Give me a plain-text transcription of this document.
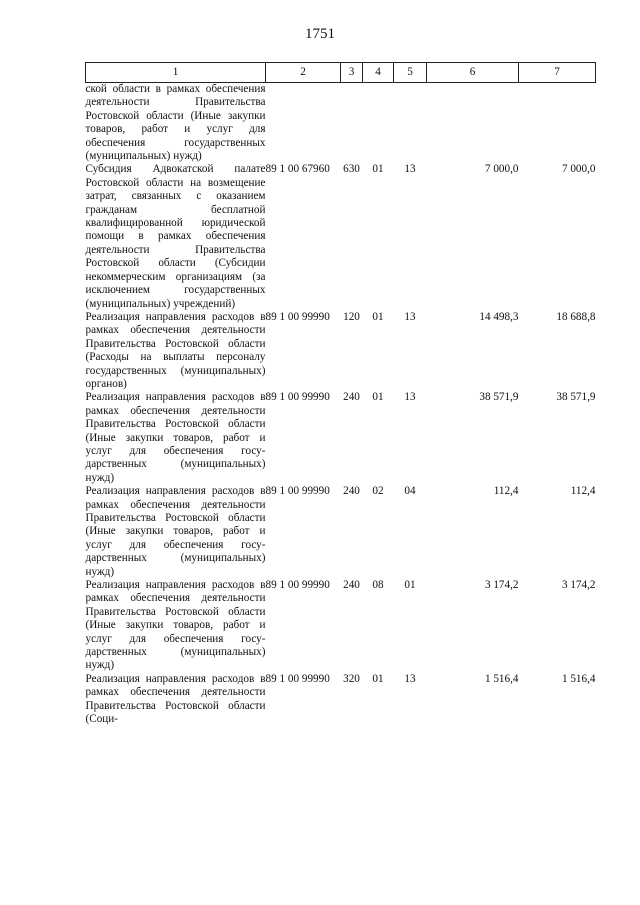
1751
1	2	3	4	5	6	7
ской области в рамках обеспечения деятельности Правительства Ростовской области (Иные закупки товаров, работ и услуг для обеспечения государственных (муниципальных) нужд)						
Субсидия Адвокатской палате Ростовской области на возмещение затрат, связанных с оказанием гражданам бесплатной квалифицированной юридической помощи в рамках обеспечения деятельности Правительства Ростовской области (Субсидии некоммерческим организациям (за исключением государственных (муниципальных) учреждений)	89 1 00 67960	630	01	13	7 000,0	7 000,0
Реализация направления расходов в рамках обеспечения деятельности Правительства Ростовской области (Расходы на выплаты персоналу государственных (муниципальных) органов)	89 1 00 99990	120	01	13	14 498,3	18 688,8
Реализация направления расходов в рамках обеспечения деятельности Правительства Ростовской области (Иные закупки товаров, работ и услуг для обеспечения государственных (муниципальных) нужд)	89 1 00 99990	240	01	13	38 571,9	38 571,9
Реализация направления расходов в рамках обеспечения деятельности Правительства Ростовской области (Иные закупки товаров, работ и услуг для обеспечения государственных (муниципальных) нужд)	89 1 00 99990	240	02	04	112,4	112,4
Реализация направления расходов в рамках обеспечения деятельности Правительства Ростовской области (Иные закупки товаров, работ и услуг для обеспечения государственных (муниципальных) нужд)	89 1 00 99990	240	08	01	3 174,2	3 174,2
Реализация направления расходов в рамках обеспечения деятельности Правительства Ростовской области (Соци-	89 1 00 99990	320	01	13	1 516,4	1 516,4
